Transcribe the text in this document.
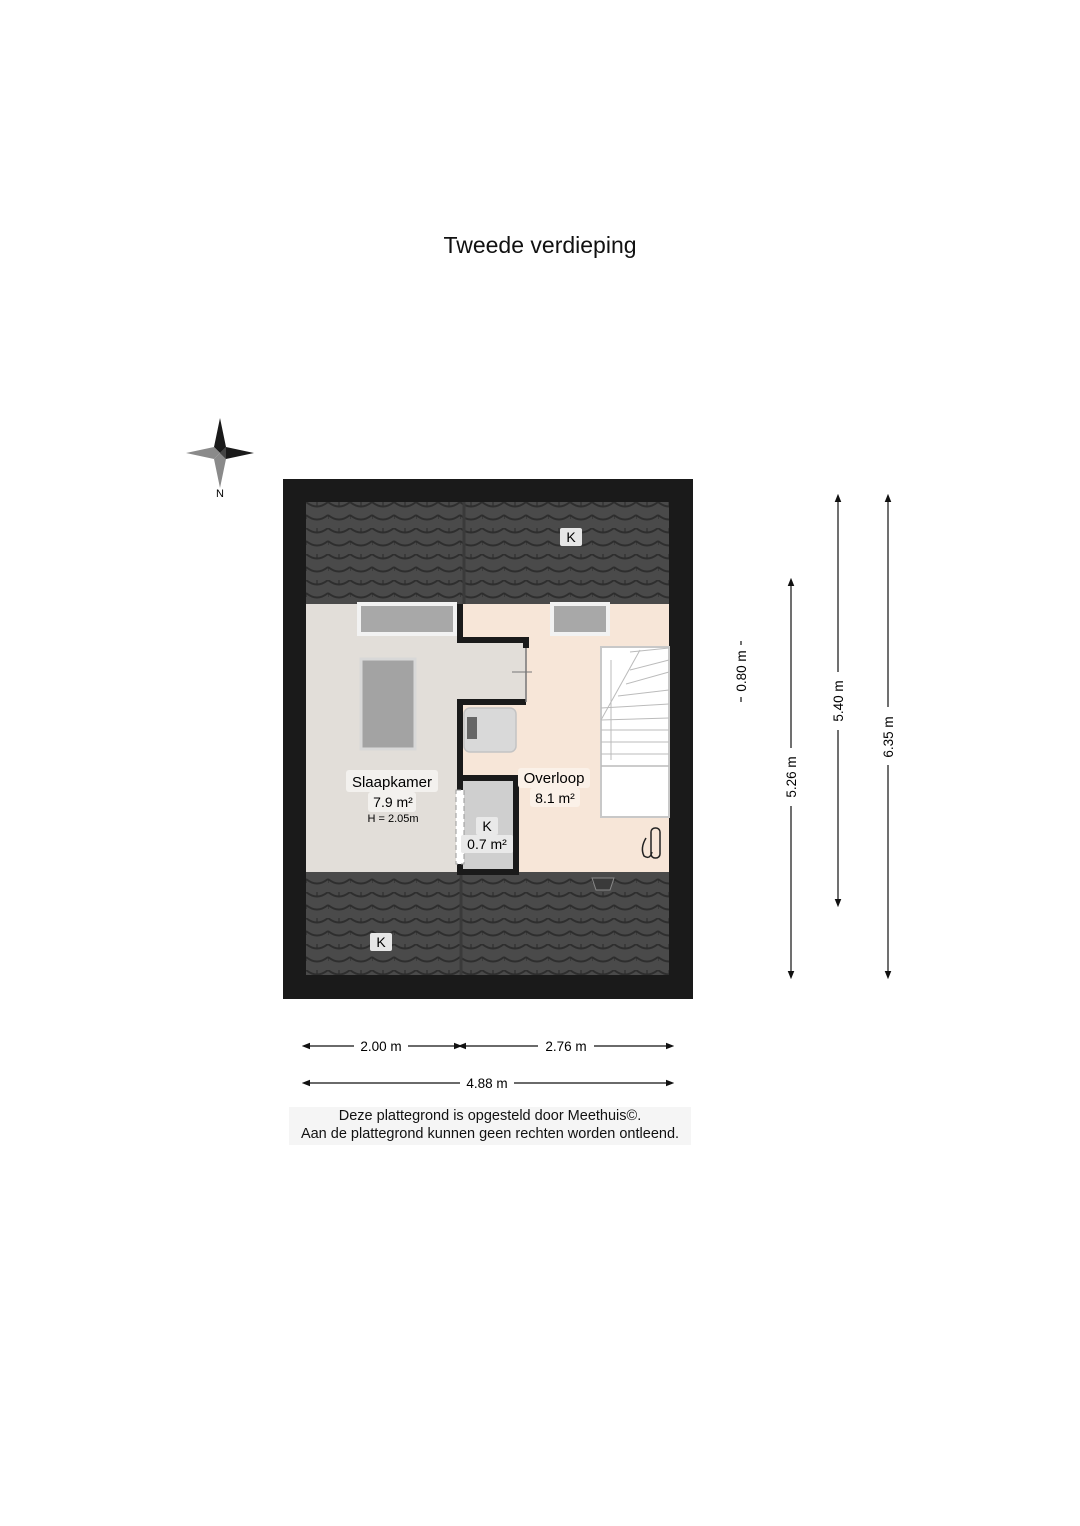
Tweede verdieping
N
Slaapkamer
7.9 m²
H = 2.05m
Overloop
8.1 m²
K
0.7 m²
K
K
2.00 m	2.76 m
4.88 m
0.80 m
5.26 m
5.40 m
6.35 m
Deze plattegrond is opgesteld door Meethuis©.
Aan de plattegrond kunnen geen rechten worden ontleend.
